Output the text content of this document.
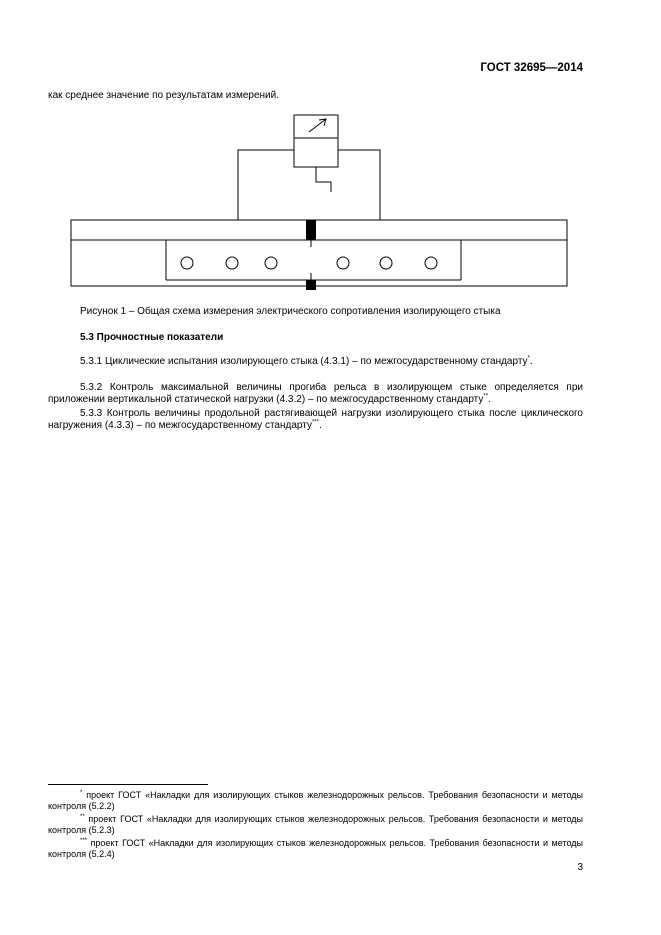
ГОСТ 32695—2014
как среднее значение по результатам измерений.
Рисунок 1 – Общая схема измерения электрического сопротивления изолирующего стыка
5.3 Прочностные показатели
5.3.1 Циклические испытания изолирующего стыка (4.3.1) – по межгосударственному стандарту*.
5.3.2 Контроль максимальной величины прогиба рельса в изолирующем стыке определяется при приложении вертикальной статической нагрузки (4.3.2) – по межгосударственному стандарту**.
5.3.3 Контроль величины продольной растягивающей нагрузки изолирующего стыка после циклического нагружения (4.3.3) – по межгосударственному стандарту***.
* проект ГОСТ «Накладки для изолирующих стыков железнодорожных рельсов. Требования безопасности и методы контроля (5.2.2)
** проект ГОСТ «Накладки для изолирующих стыков железнодорожных рельсов. Требования безопасности и методы контроля (5.2.3)
*** проект ГОСТ «Накладки для изолирующих стыков железнодорожных рельсов. Требования безопасности и методы контроля (5.2.4)
3
